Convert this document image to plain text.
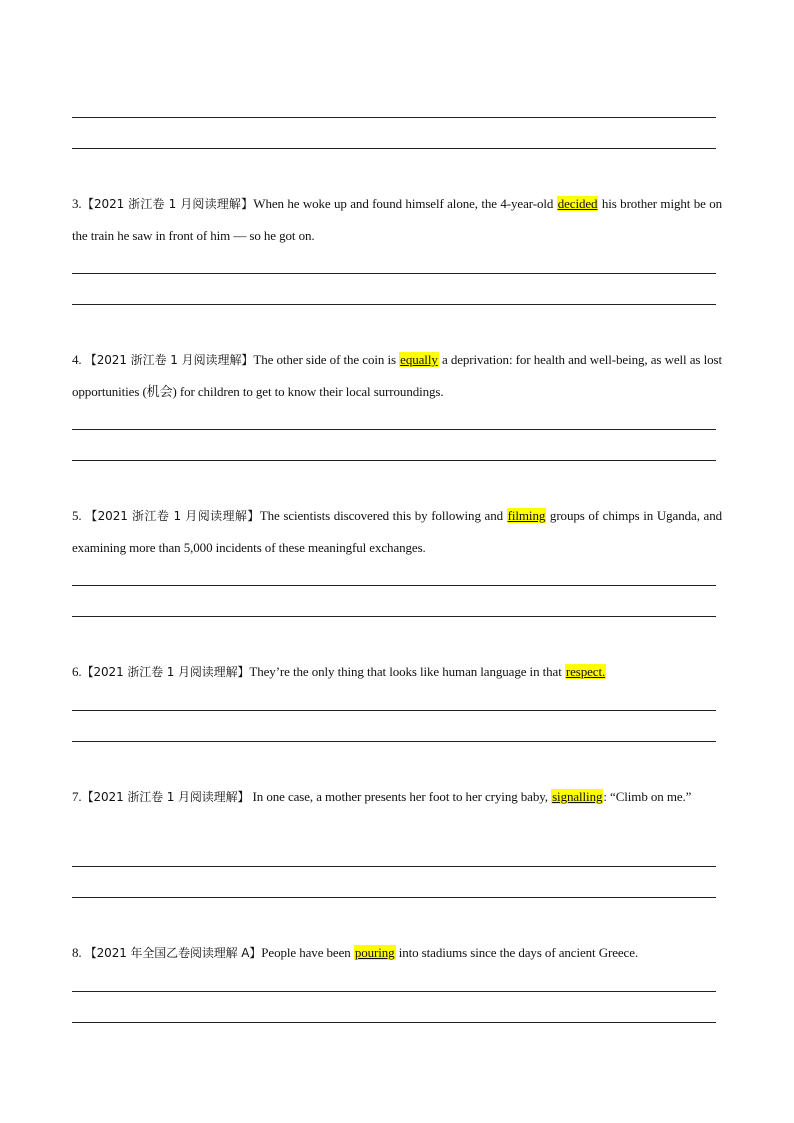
3.【2021 浙江卷 1 月阅读理解】When he woke up and found himself alone, the 4-year-old decided his brother might be on the train he saw in front of him — so he got on.
4. 【2021 浙江卷 1 月阅读理解】The other side of the coin is equally a deprivation: for health and well-being, as well as lost opportunities (机会) for children to get to know their local surroundings.
5. 【2021 浙江卷 1 月阅读理解】The scientists discovered this by following and filming groups of chimps in Uganda, and examining more than 5,000 incidents of these meaningful exchanges.
6.【2021 浙江卷 1 月阅读理解】They’re the only thing that looks like human language in that respect.
7.【2021 浙江卷 1 月阅读理解】 In one case, a mother presents her foot to her crying baby, signalling: “Climb on me.”
8. 【2021 年全国乙卷阅读理解 A】People have been pouring into stadiums since the days of ancient Greece.
